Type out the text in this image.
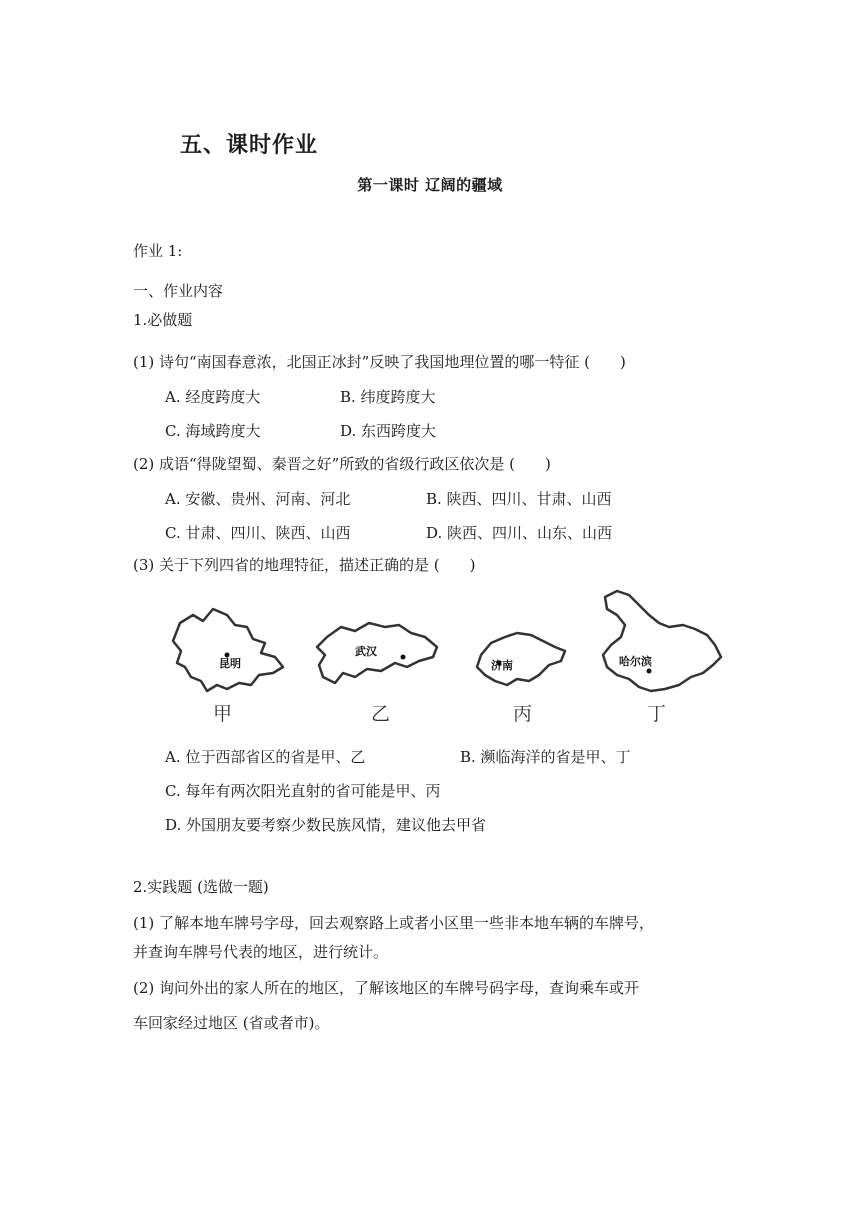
五、课时作业
第一课时 辽阔的疆域
作业 1:
一、作业内容
1.必做题
(1) 诗句“南国春意浓，北国正冰封”反映了我国地理位置的哪一特征 (　　)
A. 经度跨度大	B. 纬度跨度大
C. 海域跨度大	D. 东西跨度大
(2) 成语“得陇望蜀、秦晋之好”所致的省级行政区依次是 (　　)
A. 安徽、贵州、河南、河北	B. 陕西、四川、甘肃、山西
C. 甘肃、四川、陕西、山西	D. 陕西、四川、山东、山西
(3) 关于下列四省的地理特征，描述正确的是 (　　)
昆明
甲
武汉
乙
济南
丙
哈尔滨
丁
A. 位于西部省区的省是甲、乙	B. 濒临海洋的省是甲、丁
C. 每年有两次阳光直射的省可能是甲、丙
D. 外国朋友要考察少数民族风情，建议他去甲省
2.实践题 (选做一题)
(1) 了解本地车牌号字母，回去观察路上或者小区里一些非本地车辆的车牌号，
并查询车牌号代表的地区，进行统计。
(2) 询问外出的家人所在的地区，了解该地区的车牌号码字母，查询乘车或开
车回家经过地区 (省或者市)。
